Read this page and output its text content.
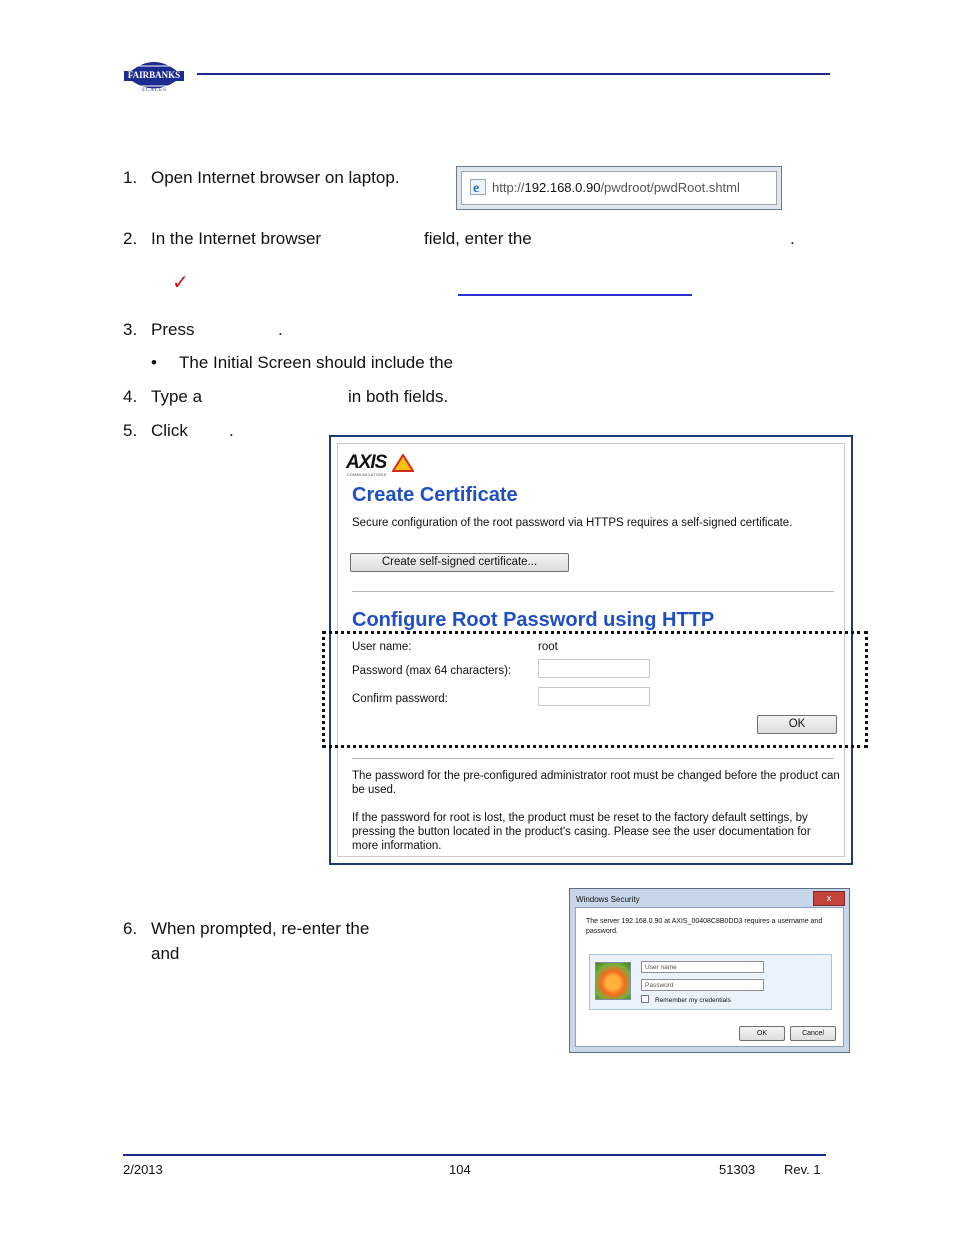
FAIRBANKS
S C A L E S
1. Open Internet browser on laptop.
e http://192.168.0.90/pwdroot/pwdRoot.shtml
2. In the Internet browser	field, enter the	.
✓
3. Press	.
• The Initial Screen should include the
4. Type a	in both fields.
5. Click .
AXIS
COMMUNICATIONS
Create Certificate
Secure configuration of the root password via HTTPS requires a self-signed certificate.
Create self-signed certificate...
Configure Root Password using HTTP
User name:	root
Password (max 64 characters):
Confirm password:
OK
The password for the pre-configured administrator root must be changed before the product can be used.
If the password for root is lost, the product must be reset to the factory default settings, by pressing the button located in the product's casing. Please see the user documentation for more information.
6. When prompted, re-enter the
and
Windows Security	x
The server 192.168.0.90 at AXIS_00408C8B0DD3 requires a username and password.
User name
Password
Remember my credentials
OK	Cancel
2/2013	104	51303 Rev. 1
